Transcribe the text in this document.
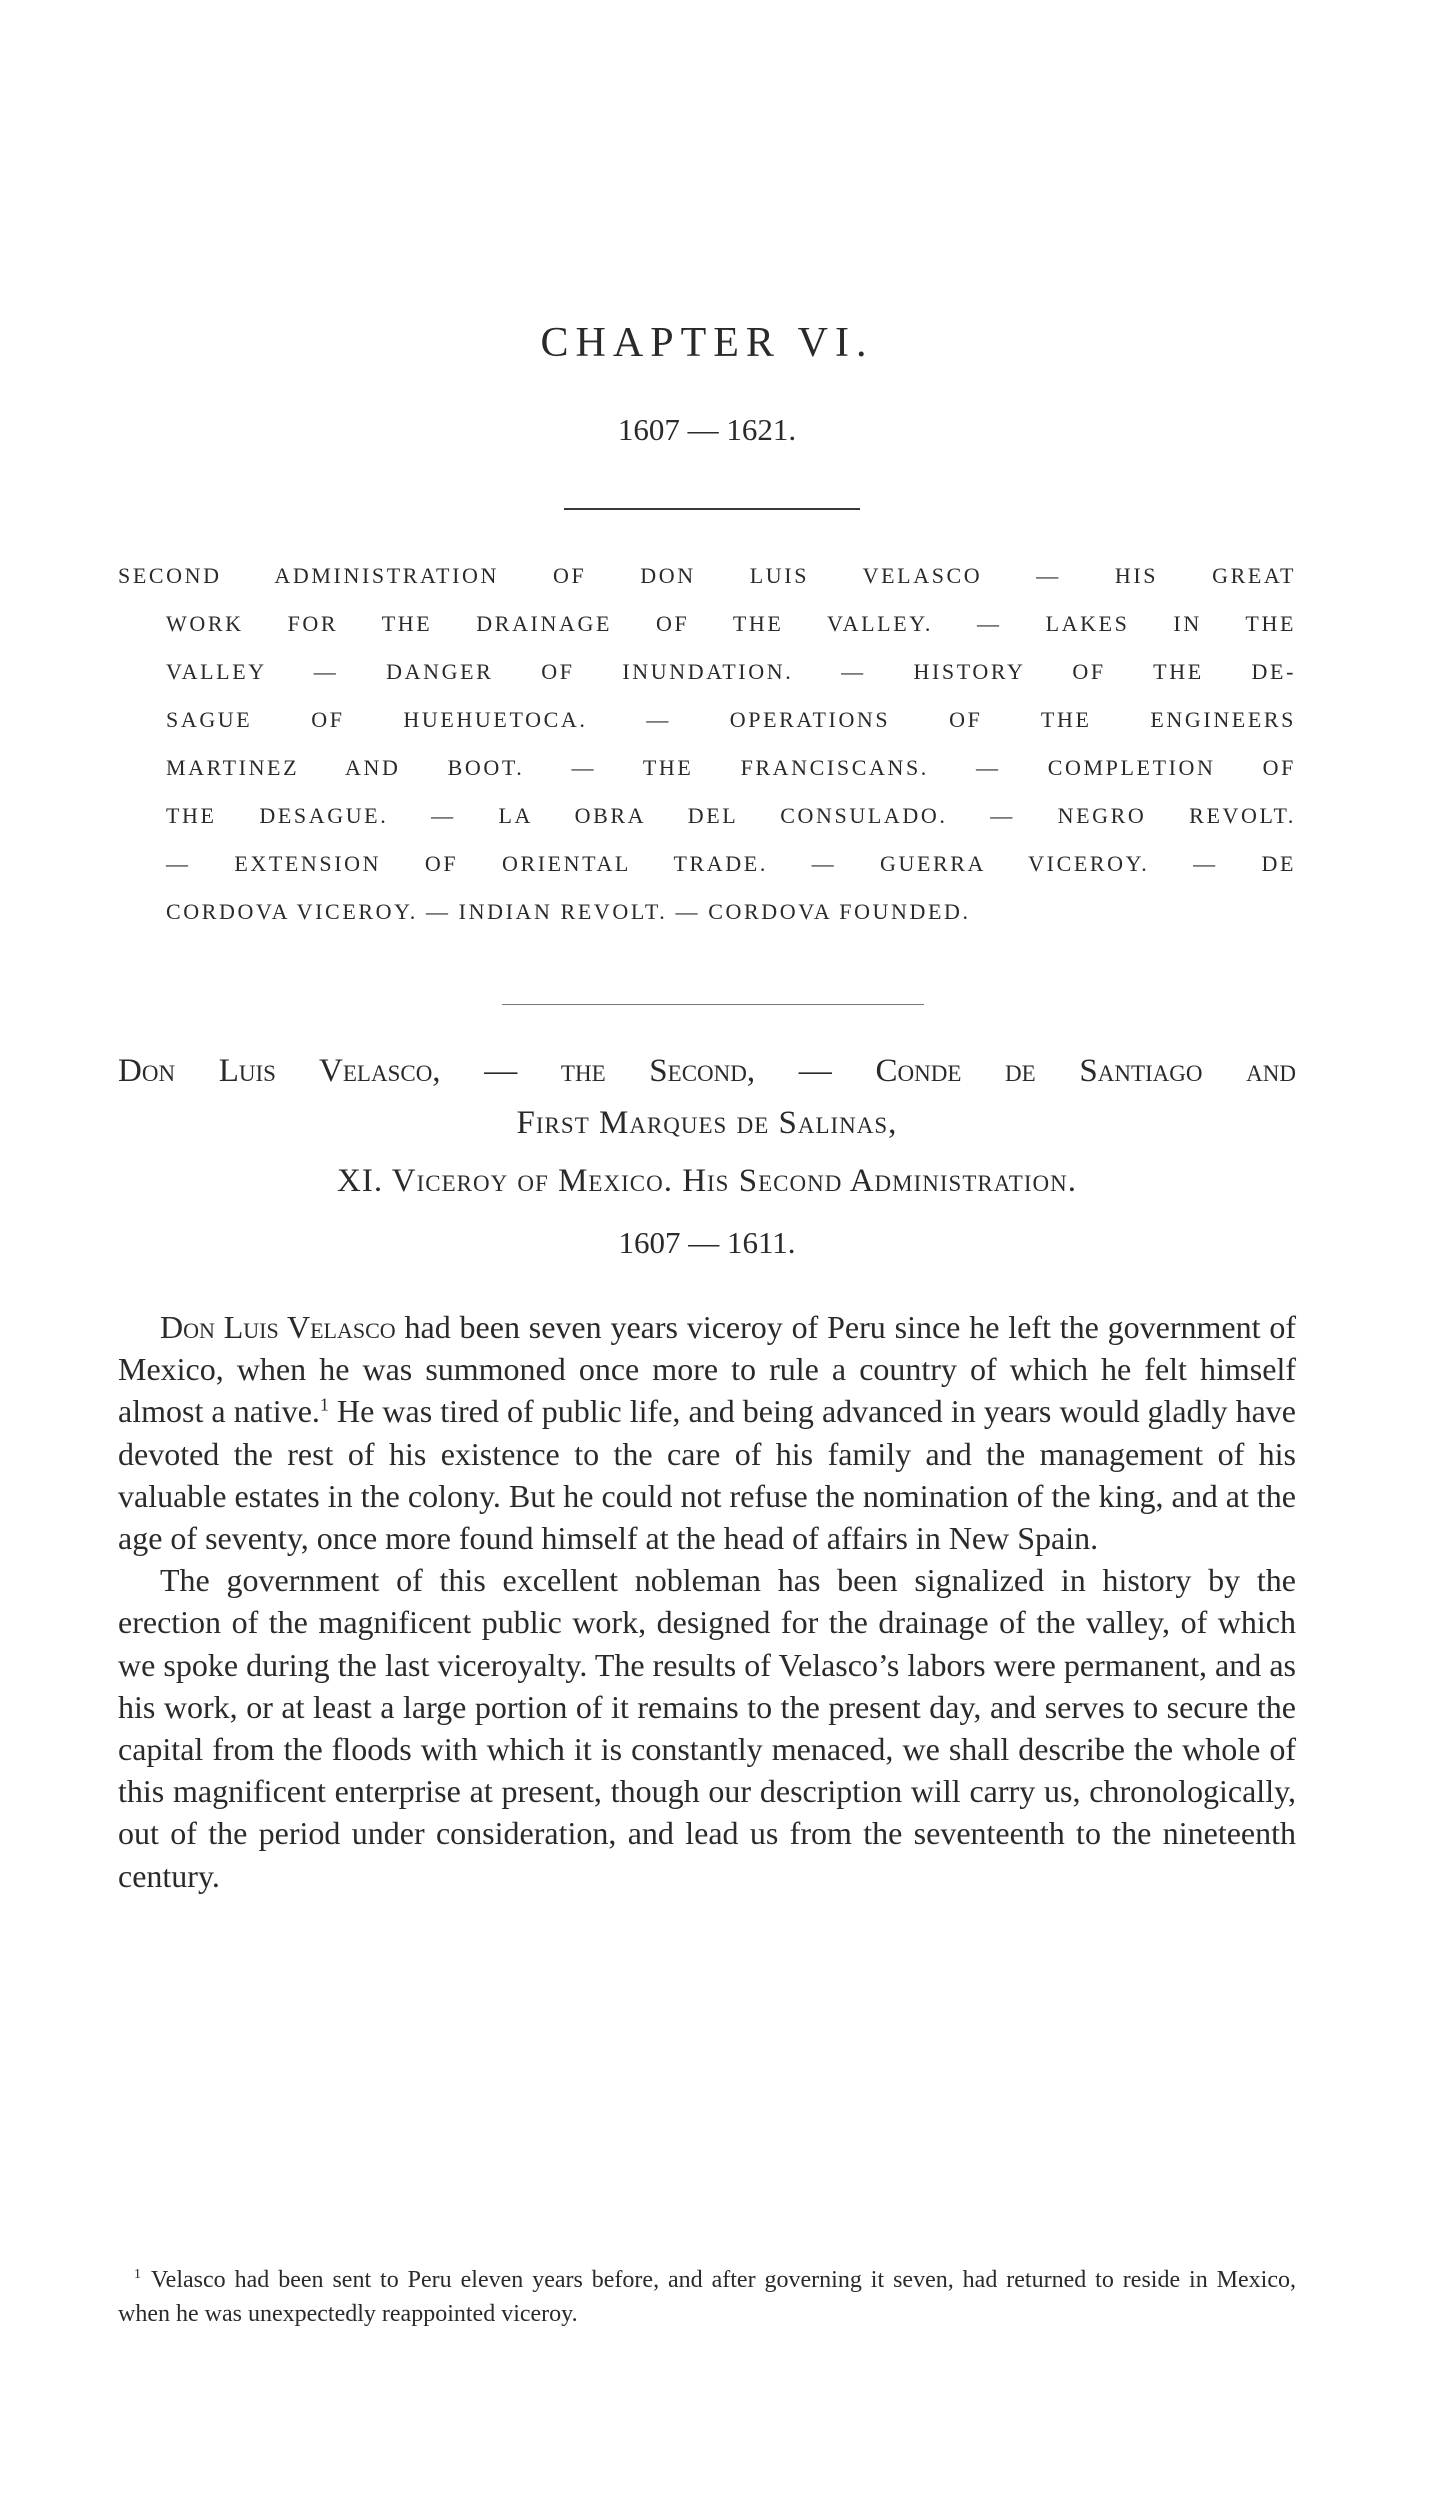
CHAPTER VI.
1607 — 1621.
SECOND ADMINISTRATION OF DON LUIS VELASCO — HIS GREAT
WORK FOR THE DRAINAGE OF THE VALLEY. — LAKES IN THE
VALLEY — DANGER OF INUNDATION. — HISTORY OF THE DE-
SAGUE OF HUEHUETOCA. — OPERATIONS OF THE ENGINEERS
MARTINEZ AND BOOT. — THE FRANCISCANS. — COMPLETION OF
THE DESAGUE. — LA OBRA DEL CONSULADO. — NEGRO REVOLT.
— EXTENSION OF ORIENTAL TRADE. — GUERRA VICEROY. — DE
CORDOVA VICEROY. — INDIAN REVOLT. — CORDOVA FOUNDED.
Don Luis Velasco, — the Second, — Conde de Santiago and
First Marques de Salinas,
XI. Viceroy of Mexico. His Second Administration.
1607 — 1611.

Don Luis Velasco had been seven years viceroy of Peru since he left the government of Mexico, when he was summoned once more to rule a country of which he felt himself almost a native.$^1$ He was tired of public life, and being advanced in years would gladly have devoted the rest of his existence to the care of his family and the management of his valuable estates in the colony. But he could not refuse the nomination of the king, and at the age of seventy, once more found himself at the head of affairs in New Spain.

The government of this excellent nobleman has been signalized in history by the erection of the magnificent public work, designed for the drainage of the valley, of which we spoke during the last viceroyalty. The results of Velasco’s labors were permanent, and as his work, or at least a large portion of it remains to the present day, and serves to secure the capital from the floods with which it is constantly menaced, we shall describe the whole of this magnificent enterprise at present, though our description will carry us, chronologically, out of the period under consideration, and lead us from the seventeenth to the nineteenth century.

$^1$ Velasco had been sent to Peru eleven years before, and after governing it seven, had returned to reside in Mexico, when he was unexpectedly reappointed viceroy.
